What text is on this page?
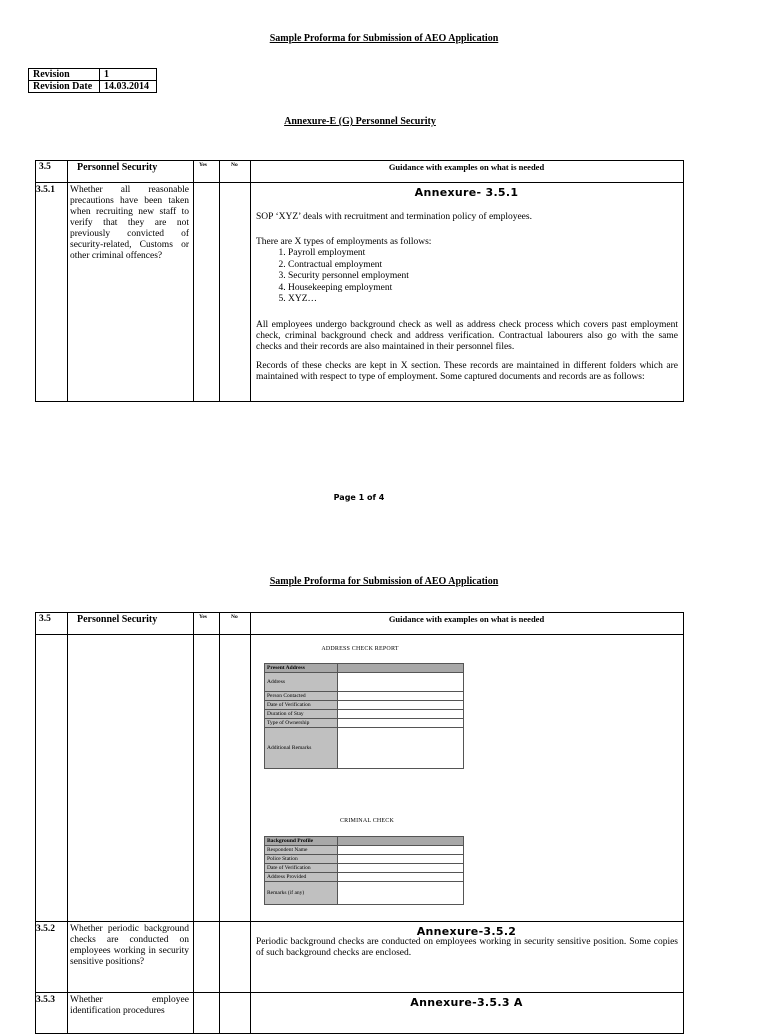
Sample Proforma for Submission of AEO Application
Revision	1
Revision Date	14.03.2014
Annexure-E (G) Personnel Security
3.5	Personnel Security	Yes	No	Guidance with examples on what is needed
3.5.1 Whether all reasonable precautions have been taken when recruiting new staff to verify that they are not previously convicted of security-related, Customs or other criminal offences?
Annexure- 3.5.1
SOP ‘XYZ’ deals with recruitment and termination policy of employees.
There are X types of employments as follows:
1. Payroll employment
2. Contractual employment
3. Security personnel employment
4. Housekeeping employment
5. XYZ…
All employees undergo background check as well as address check process which covers past employment check, criminal background check and address verification. Contractual labourers also go with the same checks and their records are also maintained in their personnel files.
Records of these checks are kept in X section. These records are maintained in different folders which are maintained with respect to type of employment. Some captured documents and records are as follows:
Page 1 of 4
Sample Proforma for Submission of AEO Application
3.5	Personnel Security	Yes	No	Guidance with examples on what is needed
ADDRESS CHECK REPORT
Present Address	
Address	
Person Contacted	
Date of Verification	
Duration of Stay	
Type of Ownership	
Additional Remarks	
CRIMINAL CHECK
Background Profile	
Respondent Name	
Police Station	
Date of Verification	
Address Provided	
Remarks (if any)	
3.5.2 Whether periodic background checks are conducted on employees working in security sensitive positions?
Annexure-3.5.2
Periodic background checks are conducted on employees working in security sensitive position. Some copies of such background checks are enclosed.
3.5.3 Whether employee identification procedures
Annexure-3.5.3 A
